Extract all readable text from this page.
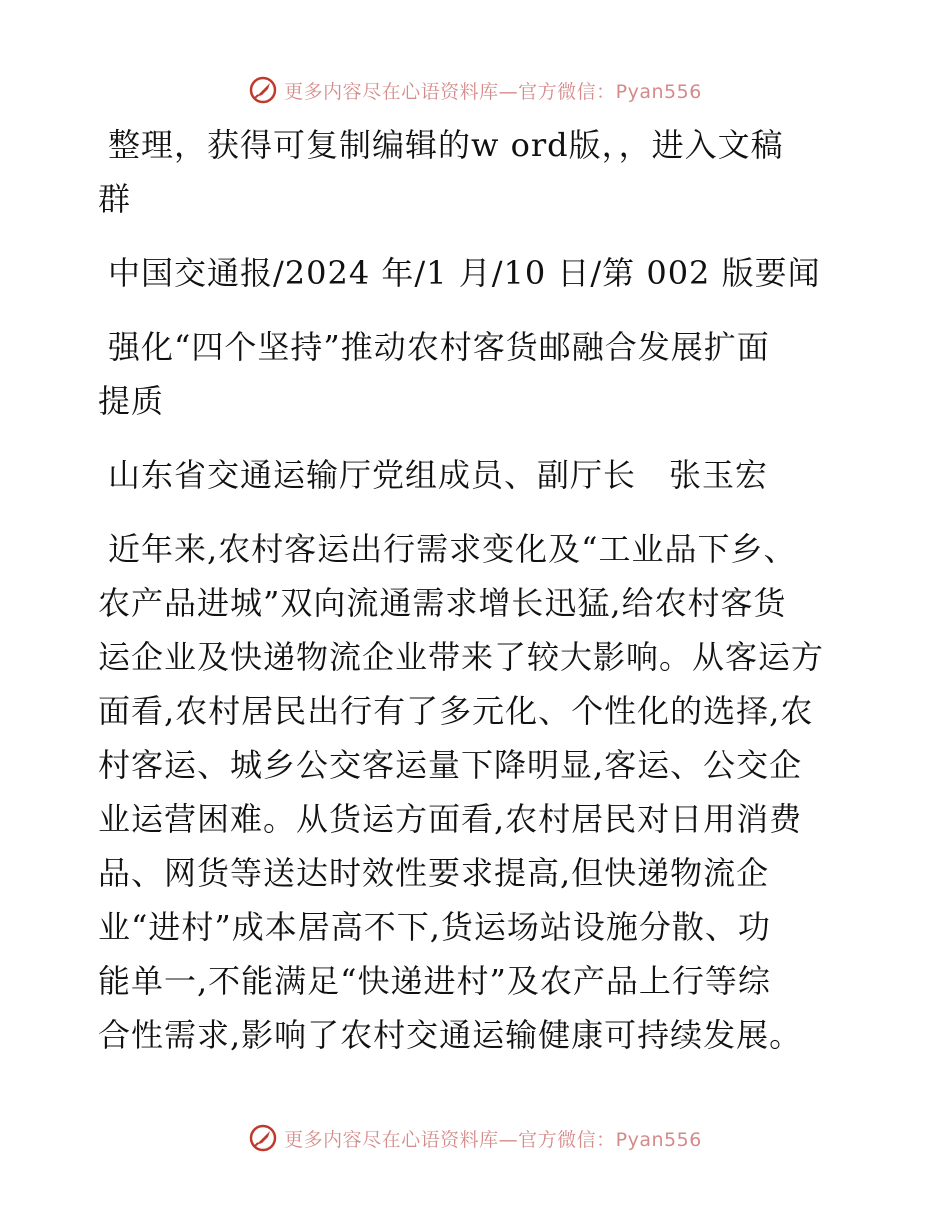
更多内容尽在心语资料库—官方微信：Pyan556

整理，获得可复制编辑的w ord版，，进入文稿

群

中国交通报/2024 年/1 月/10 日/第 002 版要闻

强化“四个坚持”推动农村客货邮融合发展扩面

提质

山东省交通运输厅党组成员、副厅长　张玉宏

近年来,农村客运出行需求变化及“工业品下乡、

农产品进城”双向流通需求增长迅猛,给农村客货

运企业及快递物流企业带来了较大影响。从客运方

面看,农村居民出行有了多元化、个性化的选择,农

村客运、城乡公交客运量下降明显,客运、公交企

业运营困难。从货运方面看,农村居民对日用消费

品、网货等送达时效性要求提高,但快递物流企

业“进村”成本居高不下,货运场站设施分散、功

能单一,不能满足“快递进村”及农产品上行等综

合性需求,影响了农村交通运输健康可持续发展。

更多内容尽在心语资料库—官方微信：Pyan556
